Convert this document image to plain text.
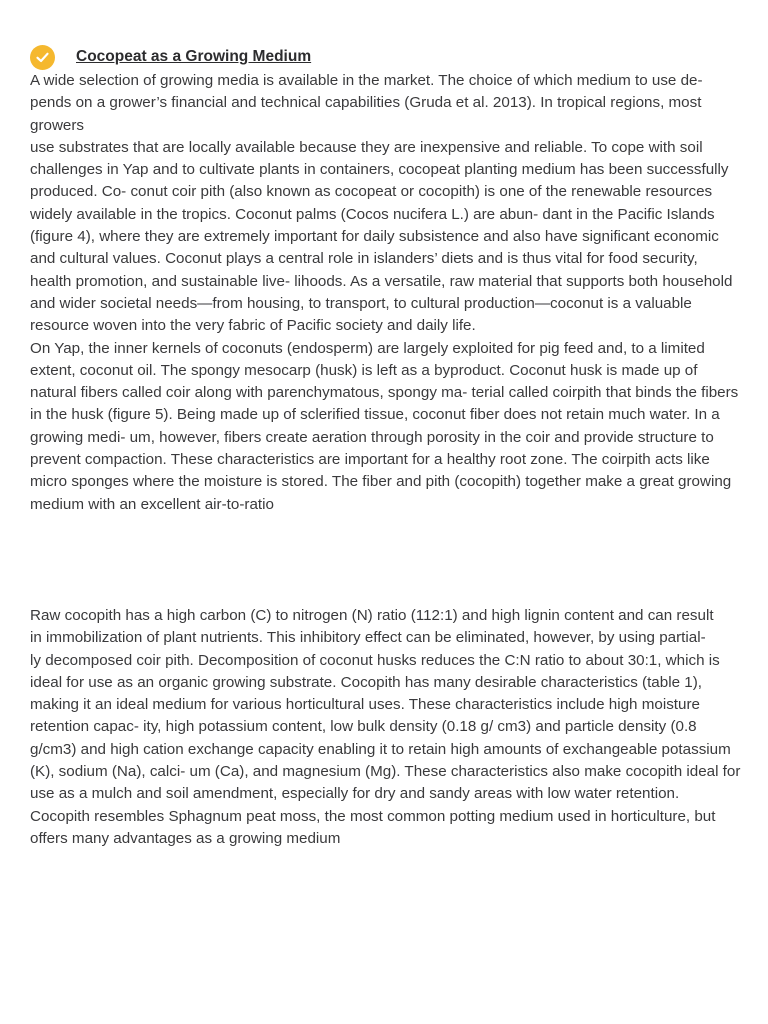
Cocopeat as a Growing Medium

A wide selection of growing media is available in the market. The choice of which medium to use de- pends on a grower’s financial and technical capabilities (Gruda et al. 2013). In tropical regions, most growers

use substrates that are locally available because they are inexpensive and reliable. To cope with soil challenges in Yap and to cultivate plants in containers, cocopeat planting medium has been successfully produced. Co- conut coir pith (also known as cocopeat or cocopith) is one of the renewable resources widely available in the tropics. Coconut palms (Cocos nucifera L.) are abun- dant in the Pacific Islands (figure 4), where they are extremely important for daily subsistence and also have significant economic and cultural values. Coconut plays a central role in islanders’ diets and is thus vital for food security, health promotion, and sustainable live- lihoods. As a versatile, raw material that supports both household and wider societal needs—from housing, to transport, to cultural production—coconut is a valuable resource woven into the very fabric of Pacific society and daily life.

On Yap, the inner kernels of coconuts (endosperm) are largely exploited for pig feed and, to a limited extent, coconut oil. The spongy mesocarp (husk) is left as a byproduct. Coconut husk is made up of natural fibers called coir along with parenchymatous, spongy ma- terial called coirpith that binds the fibers in the husk (figure 5). Being made up of sclerified tissue, coconut fiber does not retain much water. In a growing medi- um, however, fibers create aeration through porosity in the coir and provide structure to prevent compaction. These characteristics are important for a healthy root zone. The coirpith acts like micro sponges where the moisture is stored. The fiber and pith (cocopith) together make a great growing medium with an excellent air-to-ratio

Raw cocopith has a high carbon (C) to nitrogen (N) ratio (112:1) and high lignin content and can result

in immobilization of plant nutrients. This inhibitory effect can be eliminated, however, by using partial-

ly decomposed coir pith. Decomposition of coconut husks reduces the C:N ratio to about 30:1, which is ideal for use as an organic growing substrate. Cocopith has many desirable characteristics (table 1), making it an ideal medium for various horticultural uses. These characteristics include high moisture retention capac- ity, high potassium content, low bulk density (0.18 g/ cm3) and particle density (0.8 g/cm3) and high cation exchange capacity enabling it to retain high amounts of exchangeable potassium (K), sodium (Na), calci- um (Ca), and magnesium (Mg). These characteristics also make cocopith ideal for use as a mulch and soil amendment, especially for dry and sandy areas with low water retention. Cocopith resembles Sphagnum peat moss, the most common potting medium used in horticulture, but offers many advantages as a growing medium
